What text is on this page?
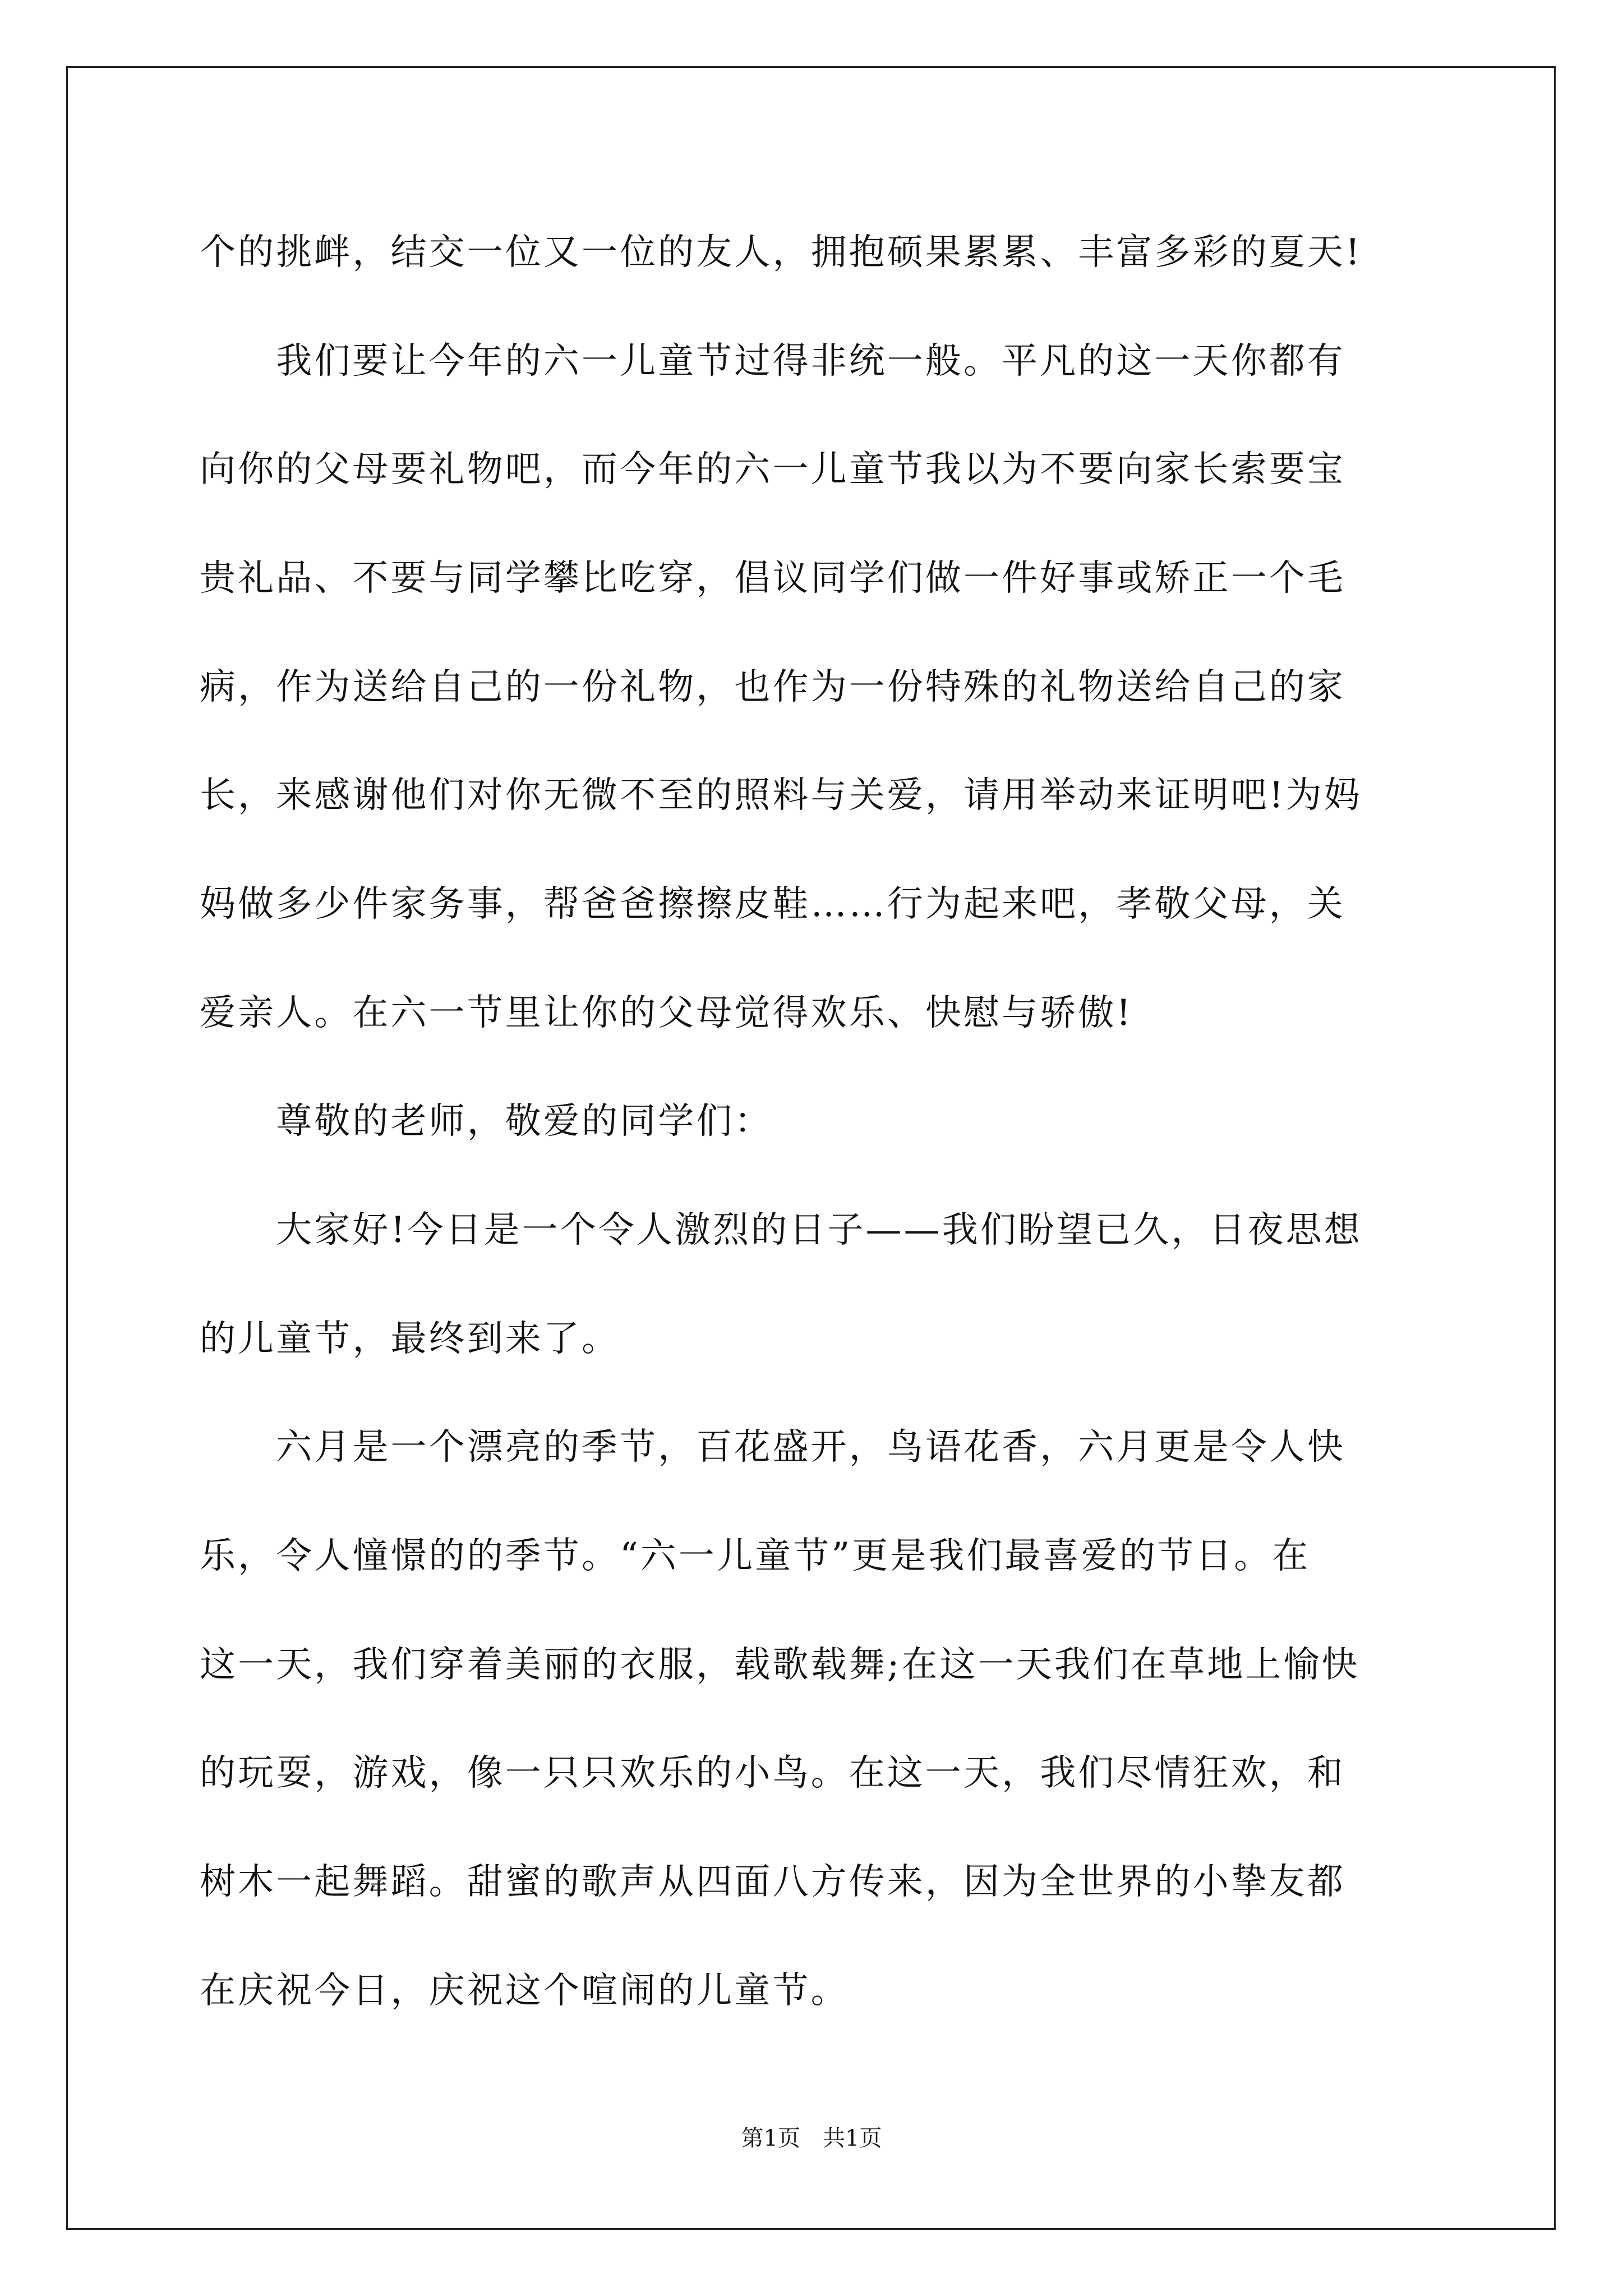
个的挑衅，结交一位又一位的友人，拥抱硕果累累、丰富多彩的夏天!
　　我们要让今年的六一儿童节过得非统一般。平凡的这一天你都有
向你的父母要礼物吧，而今年的六一儿童节我以为不要向家长索要宝
贵礼品、不要与同学攀比吃穿，倡议同学们做一件好事或矫正一个毛
病，作为送给自己的一份礼物，也作为一份特殊的礼物送给自己的家
长，来感谢他们对你无微不至的照料与关爱，请用举动来证明吧!为妈
妈做多少件家务事，帮爸爸擦擦皮鞋……行为起来吧，孝敬父母，关
爱亲人。在六一节里让你的父母觉得欢乐、快慰与骄傲!
　　尊敬的老师，敬爱的同学们：
　　大家好!今日是一个令人激烈的日子——我们盼望已久，日夜思想
的儿童节，最终到来了。
　　六月是一个漂亮的季节，百花盛开，鸟语花香，六月更是令人快
乐，令人憧憬的的季节。“六一儿童节”更是我们最喜爱的节日。在
这一天，我们穿着美丽的衣服，载歌载舞;在这一天我们在草地上愉快
的玩耍，游戏，像一只只欢乐的小鸟。在这一天，我们尽情狂欢，和
树木一起舞蹈。甜蜜的歌声从四面八方传来，因为全世界的小挚友都
在庆祝今日，庆祝这个喧闹的儿童节。
第1页　共1页
